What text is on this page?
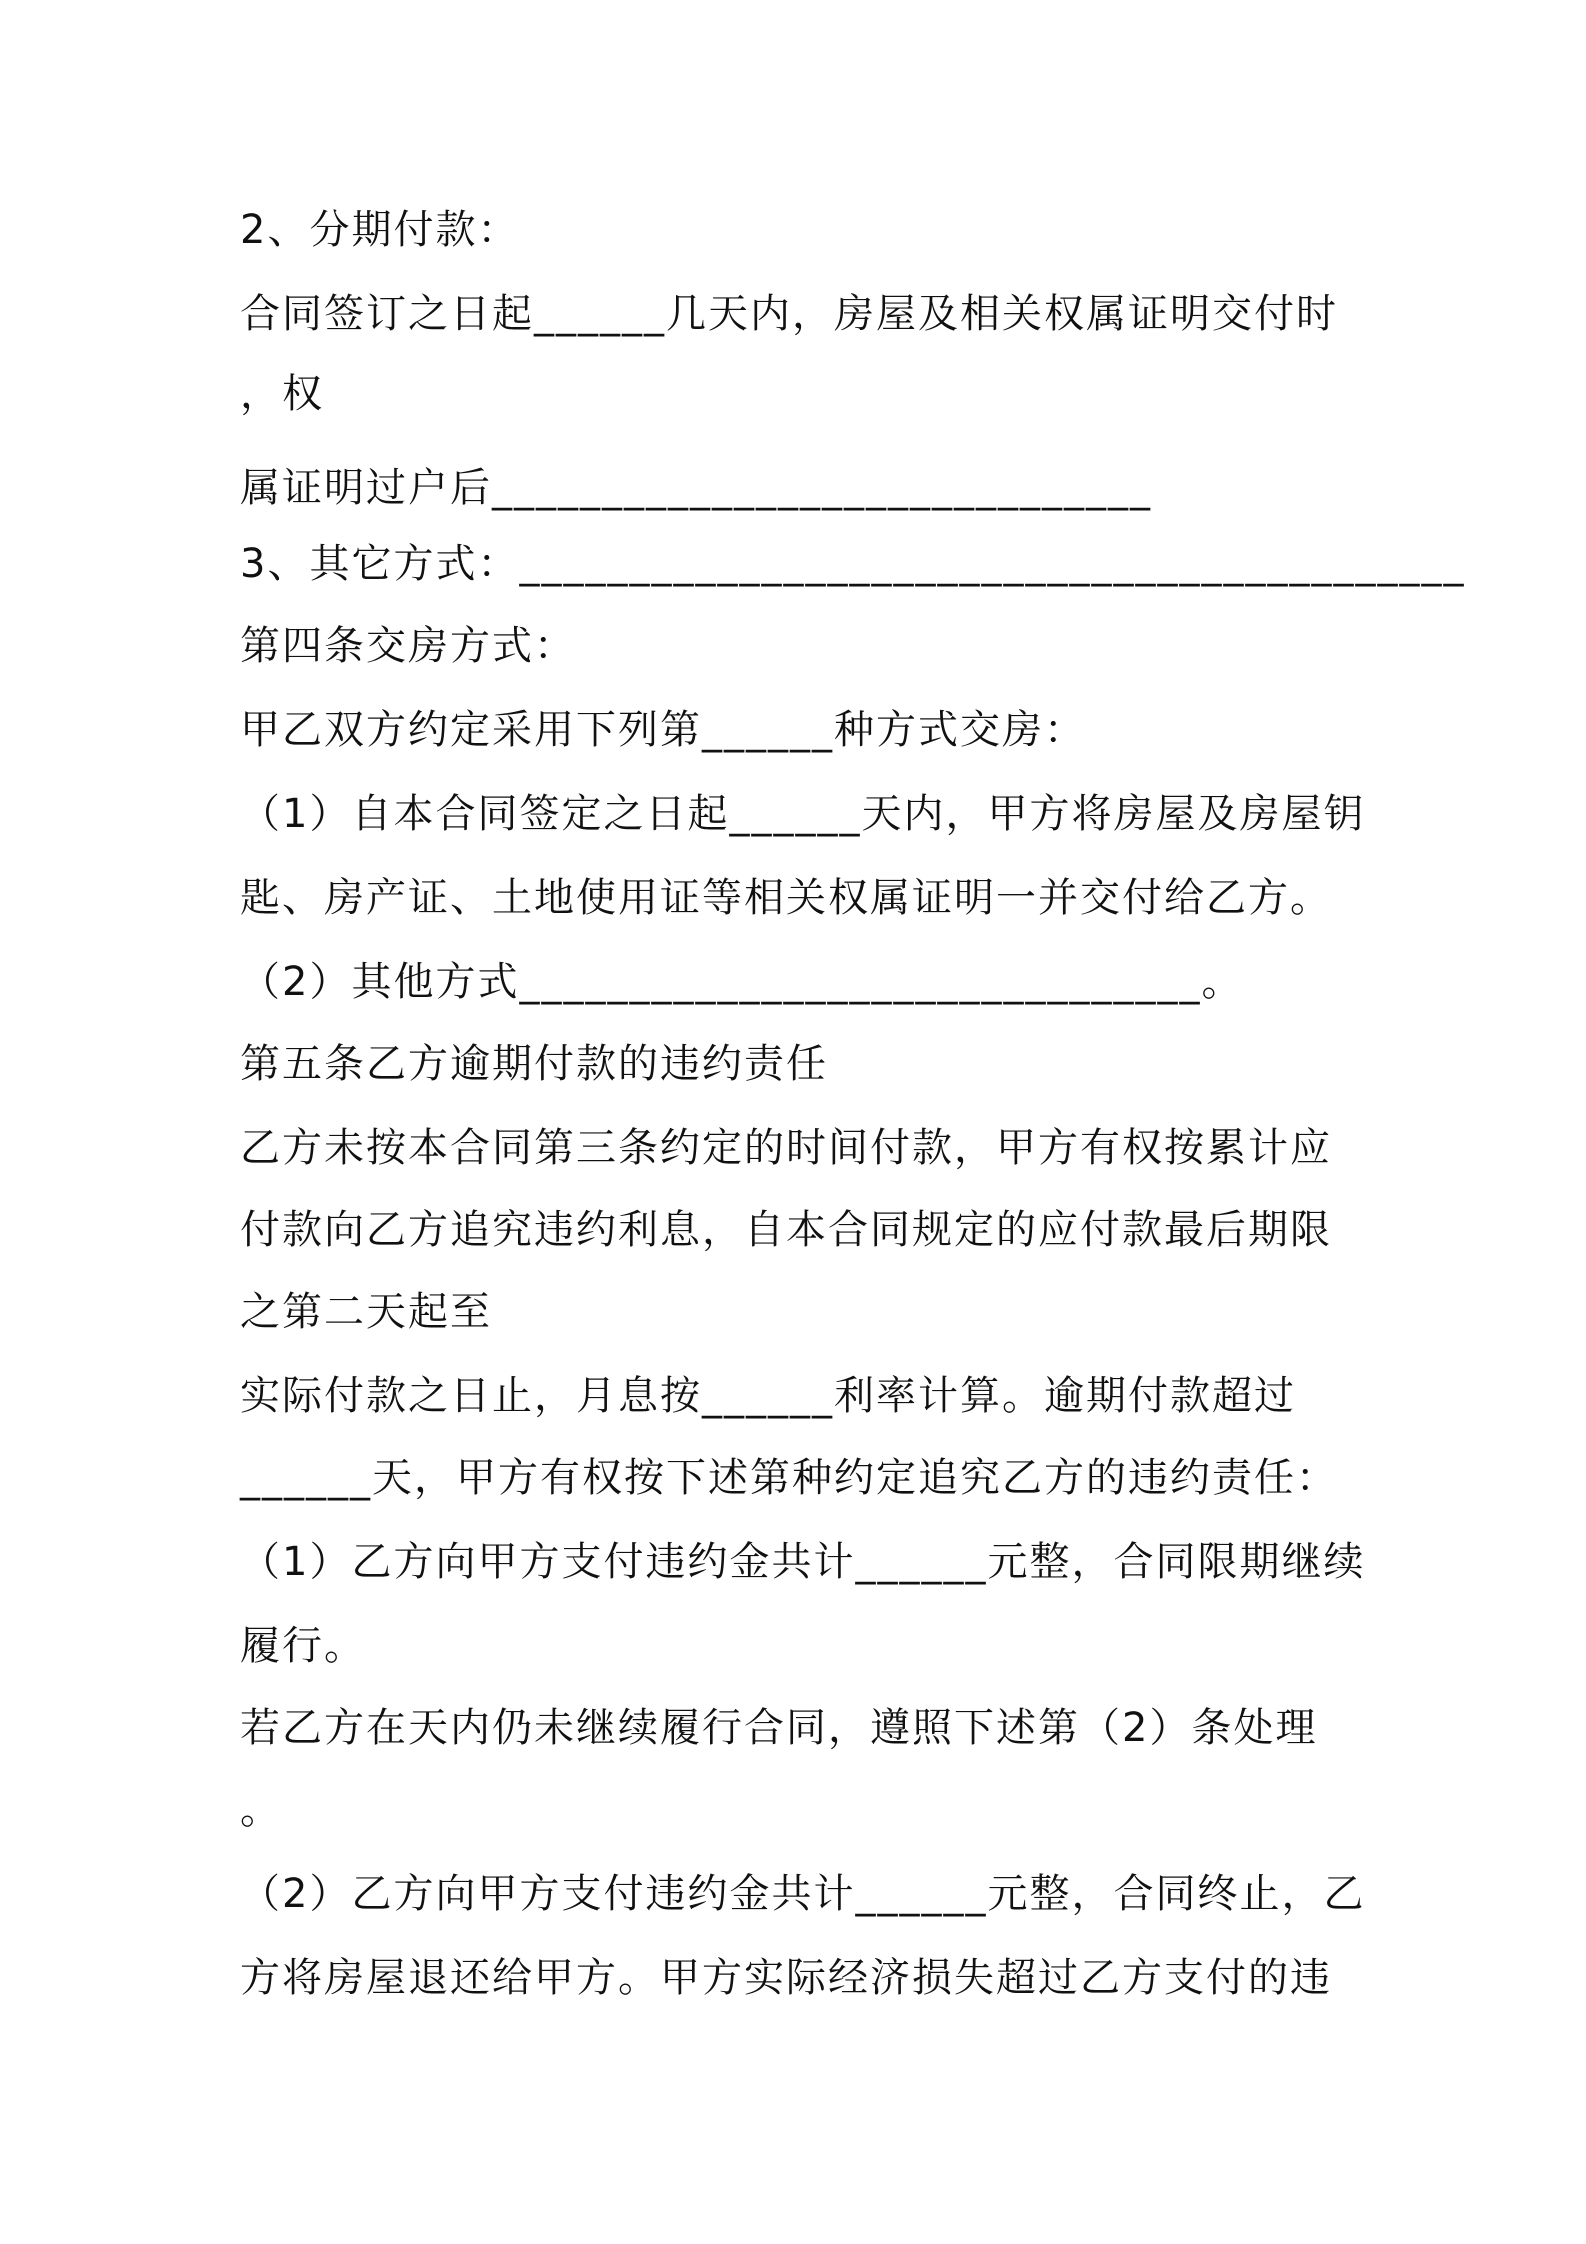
2、分期付款：
合同签订之日起______几天内，房屋及相关权属证明交付时
，权
属证明过户后______________________________
3、其它方式：___________________________________________
第四条交房方式：
甲乙双方约定采用下列第______种方式交房：
（1）自本合同签定之日起______天内，甲方将房屋及房屋钥
匙、房产证、土地使用证等相关权属证明一并交付给乙方。
（2）其他方式_______________________________。
第五条乙方逾期付款的违约责任
乙方未按本合同第三条约定的时间付款，甲方有权按累计应
付款向乙方追究违约利息，自本合同规定的应付款最后期限
之第二天起至
实际付款之日止，月息按______利率计算。逾期付款超过
______天，甲方有权按下述第种约定追究乙方的违约责任：
（1）乙方向甲方支付违约金共计______元整，合同限期继续
履行。
若乙方在天内仍未继续履行合同，遵照下述第（2）条处理
。
（2）乙方向甲方支付违约金共计______元整，合同终止，乙
方将房屋退还给甲方。甲方实际经济损失超过乙方支付的违
